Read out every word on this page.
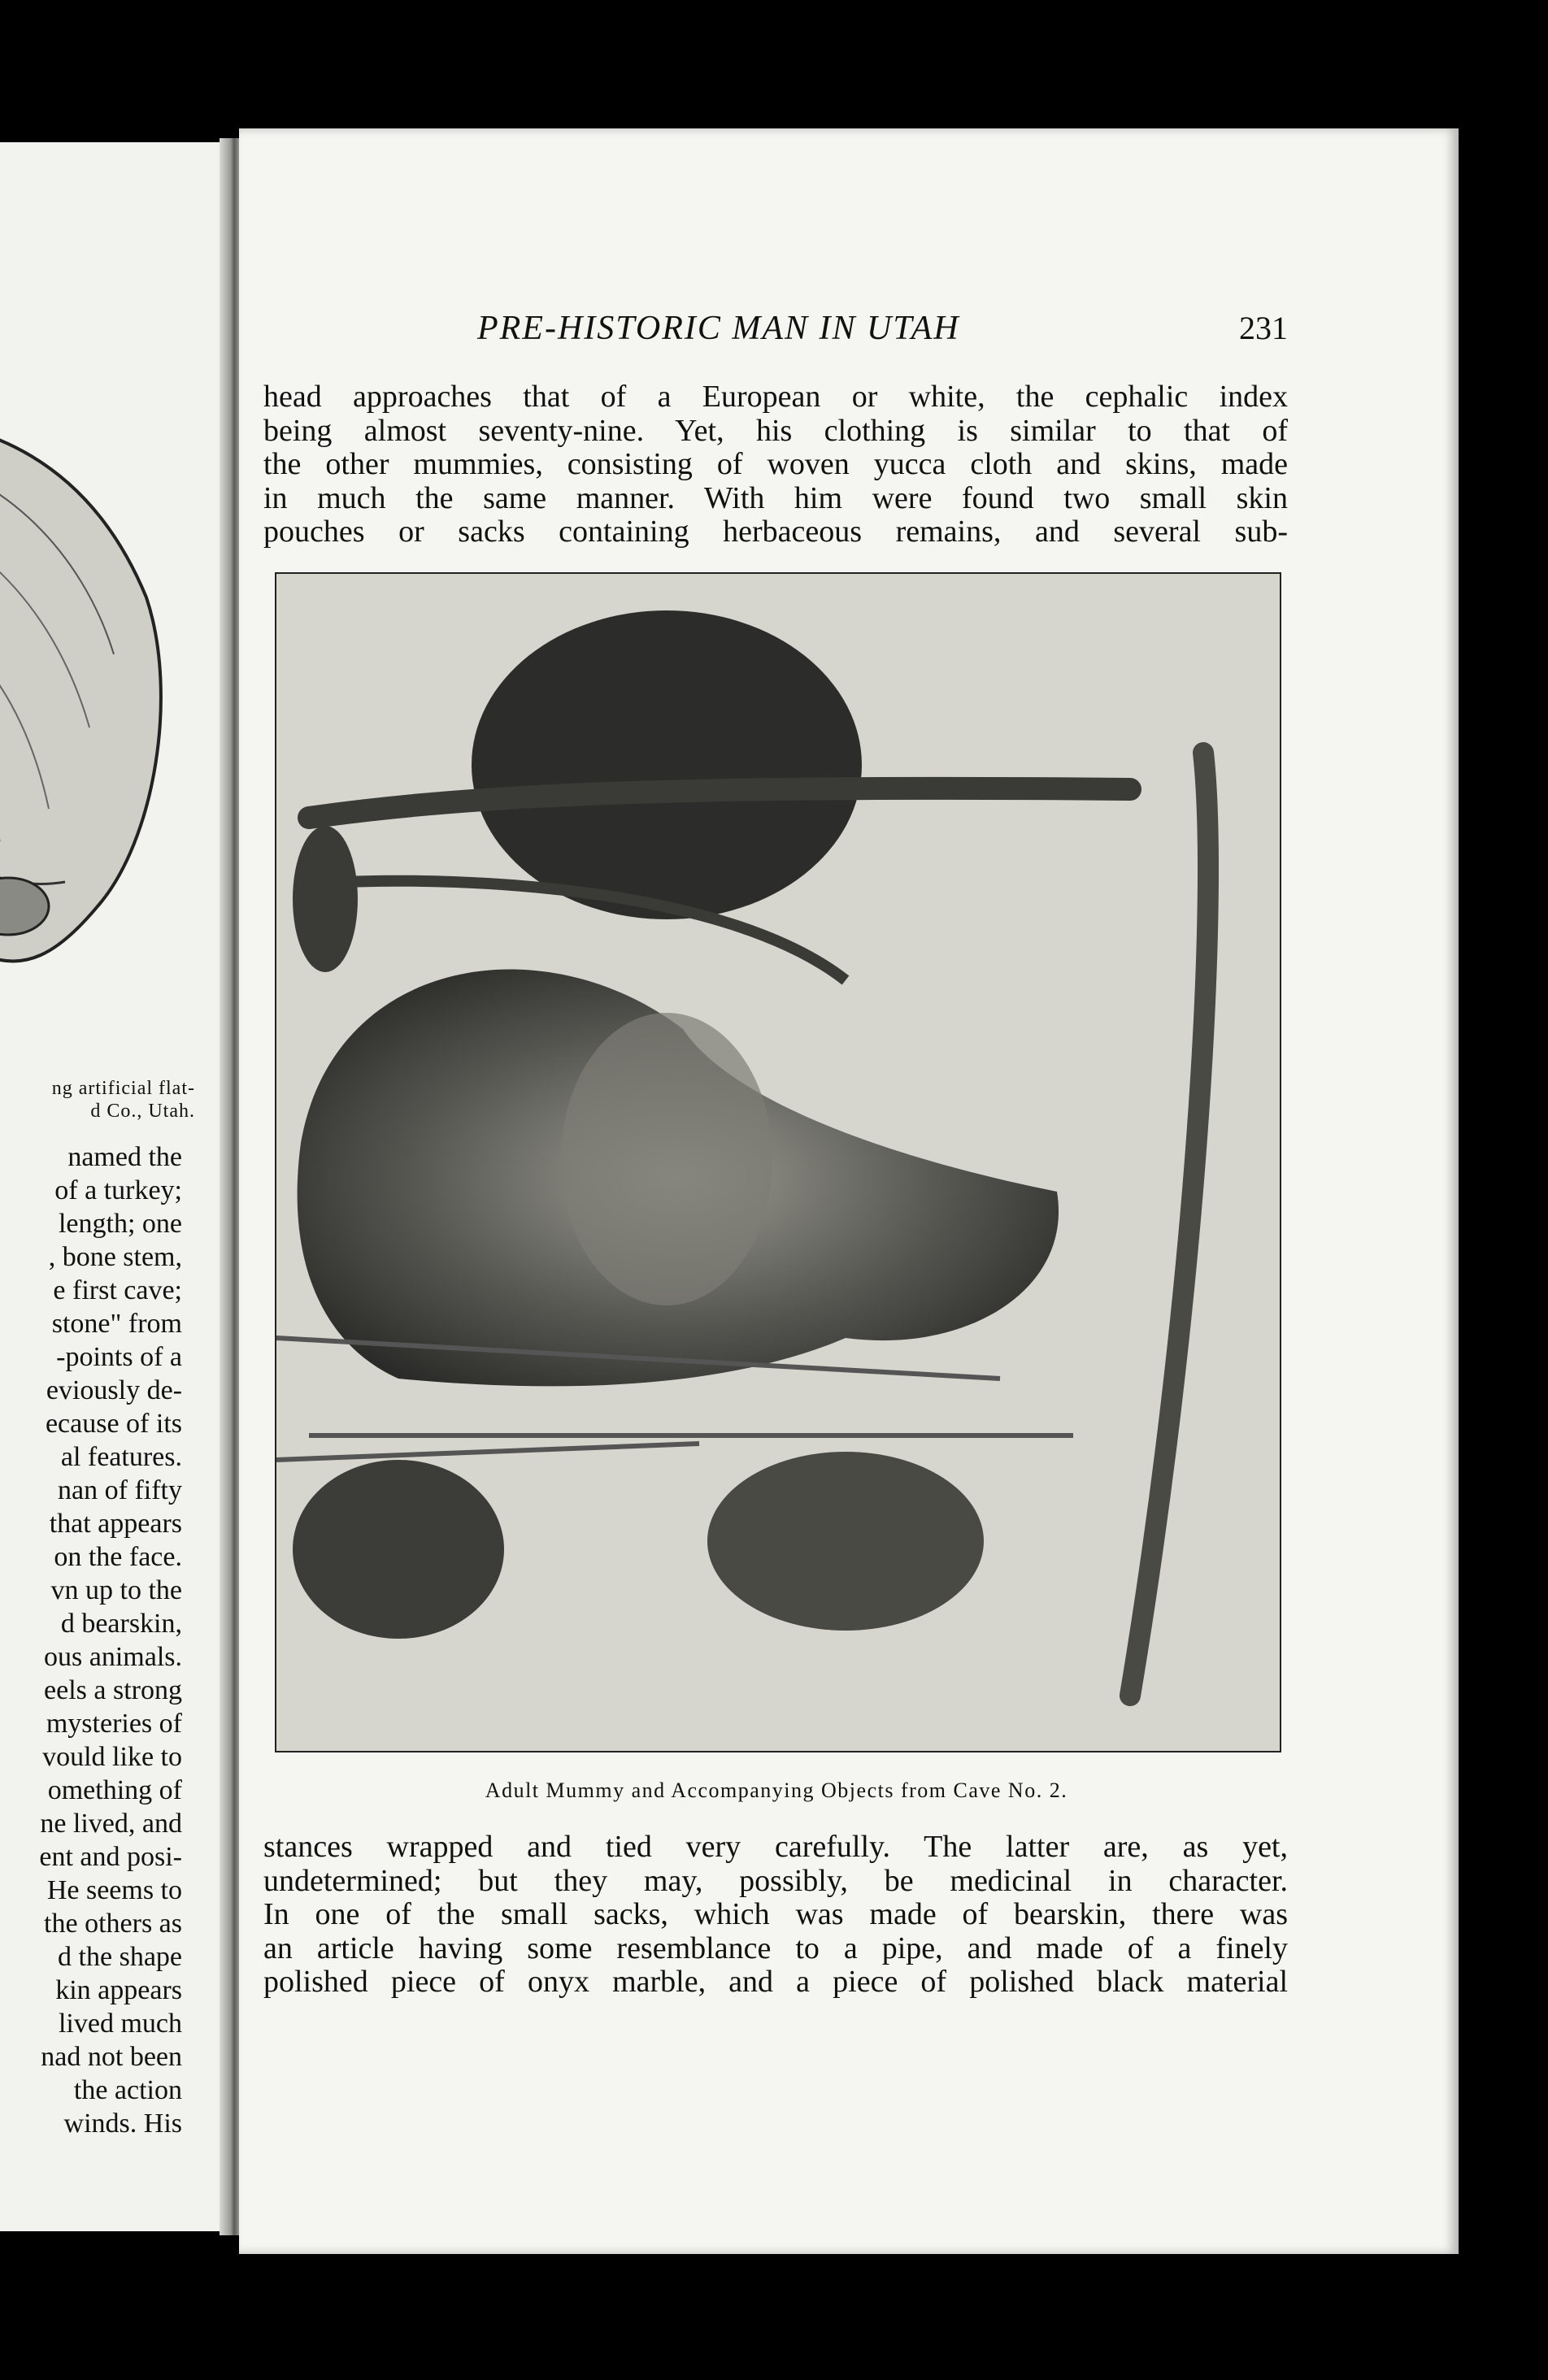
ng artificial flat-
d Co., Utah.
named the
of a turkey;
length; one
, bone stem,
e first cave;
stone" from
-points of a
eviously de-
ecause of its
al features.
nan of fifty
that appears
on the face.
vn up to the
d bearskin,
ous animals.
eels a strong
mysteries of
vould like to
omething of
ne lived, and
ent and posi-
He seems to
the others as
d the shape
kin appears
lived much
nad not been
the action
winds. His
PRE-HISTORIC MAN IN UTAH	231
head approaches that of a European or white, the cephalic index
being almost seventy-nine. Yet, his clothing is similar to that of
the other mummies, consisting of woven yucca cloth and skins, made
in much the same manner. With him were found two small skin
pouches or sacks containing herbaceous remains, and several sub-
Adult Mummy and Accompanying Objects from Cave No. 2.
stances wrapped and tied very carefully. The latter are, as yet,
undetermined; but they may, possibly, be medicinal in character.
In one of the small sacks, which was made of bearskin, there was
an article having some resemblance to a pipe, and made of a finely
polished piece of onyx marble, and a piece of polished black material
